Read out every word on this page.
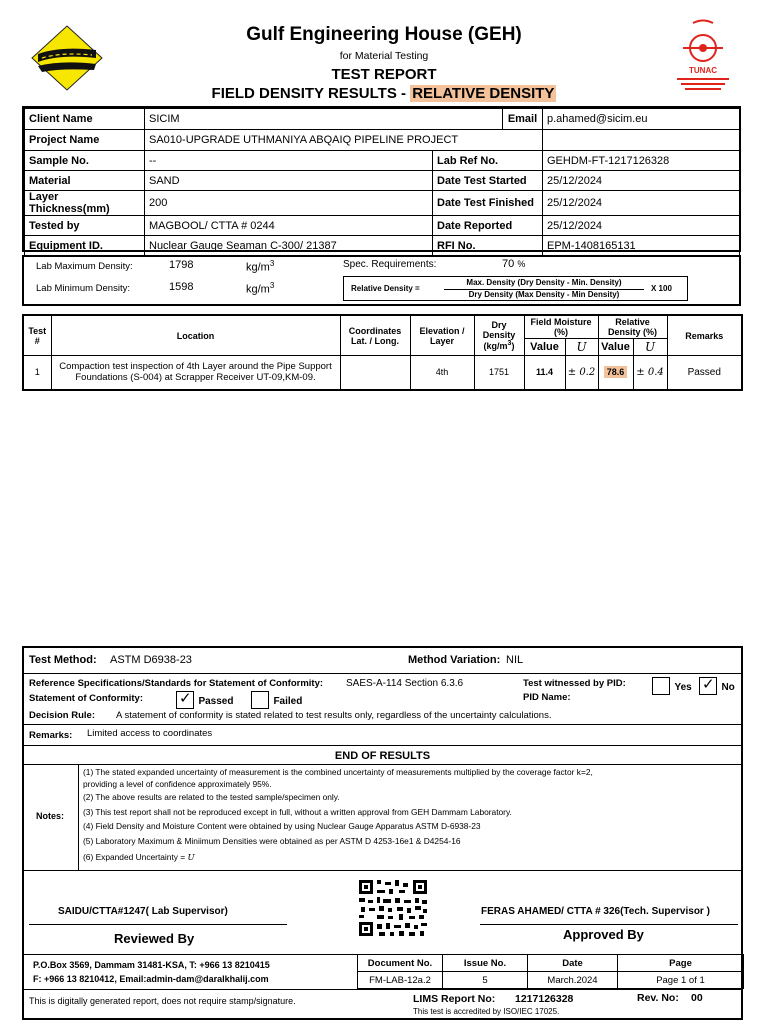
Gulf Engineering House (GEH)
for Material Testing
TEST REPORT
FIELD DENSITY RESULTS - RELATIVE DENSITY
TUNAC
Client Name	SICIM		Email	p.ahamed@sicim.eu
Project Name	SA010-UPGRADE UTHMANIYA ABQAIQ PIPELINE PROJECT			
Sample No.	--	Lab Ref No.		GEHDM-FT-1217126328
Material	SAND	Date Test Started		25/12/2024
Layer Thickness(mm)	200	Date Test Finished		25/12/2024
Tested by	MAGBOOL/ CTTA # 0244	Date Reported		25/12/2024
Equipment ID.	Nuclear Gauge Seaman C-300/ 21387	RFI No.		EPM-1408165131
Lab Maximum Density:	1798	$kg/m^3$
Lab Minimum Density:	1598	$kg/m^3$
Spec. Requirements:	70 %
Relative Density =
Max. Density (Dry Density - Min. Density)
Dry Density (Max Density - Min Density)
X 100
Test #	Location	Coordinates Lat. / Long.	Elevation / Layer	Dry Density $(kg/m^3)$	Field Moisture (%)		Relative Density (%)		Remarks
					Value	U	Value	U	
1	Compaction test inspection of 4th Layer around the Pipe Support Foundations (S-004) at Scrapper Receiver UT-09,KM-09.		4th	1751	11.4	± 0.2	78.6	± 0.4	Passed
Test Method: ASTM D6938-23	Method Variation: NIL
Reference Specifications/Standards for Statement of Conformity: SAES-A-114 Section 6.3.6	Test witnessed by PID:	Yes ✓ No
Statement of Conformity: ✓ Passed	Failed	PID Name:
Decision Rule: A statement of conformity is stated related to test results only, regardless of the uncertainty calculations.
Remarks: Limited access to coordinates
END OF RESULTS
Notes:
(1) The stated expanded uncertainty of measurement is the combined uncertainty of measurements multiplied by the coverage factor k=2,
providing a level of confidence approximately 95%.
(2) The above results are related to the tested sample/specimen only.
(3) This test report shall not be reproduced except in full, without a written approval from GEH Dammam Laboratory.
(4) Field Density and Moisture Content were obtained by using Nuclear Gauge Apparatus ASTM D-6938-23
(5) Laboratory Maximum & Miniimum Densities were obtained as per ASTM D 4253-16e1 & D4254-16
(6) Expanded Uncertainty = U
SAIDU/CTTA#1247( Lab Supervisor)
Reviewed By
FERAS AHAMED/ CTTA # 326(Tech. Supervisor )
Approved By
P.O.Box 3569, Dammam 31481-KSA, T: +966 13 8210415
F: +966 13 8210412, Email:admin-dam@daralkhalij.com
Document No.	Issue No.	Date	Page
FM-LAB-12a.2	5	March.2024	Page 1 of 1
This is digitally generated report, does not require stamp/signature.	LIMS Report No: 1217126328	Rev. No: 00
This test is accredited by ISO/IEC 17025.
